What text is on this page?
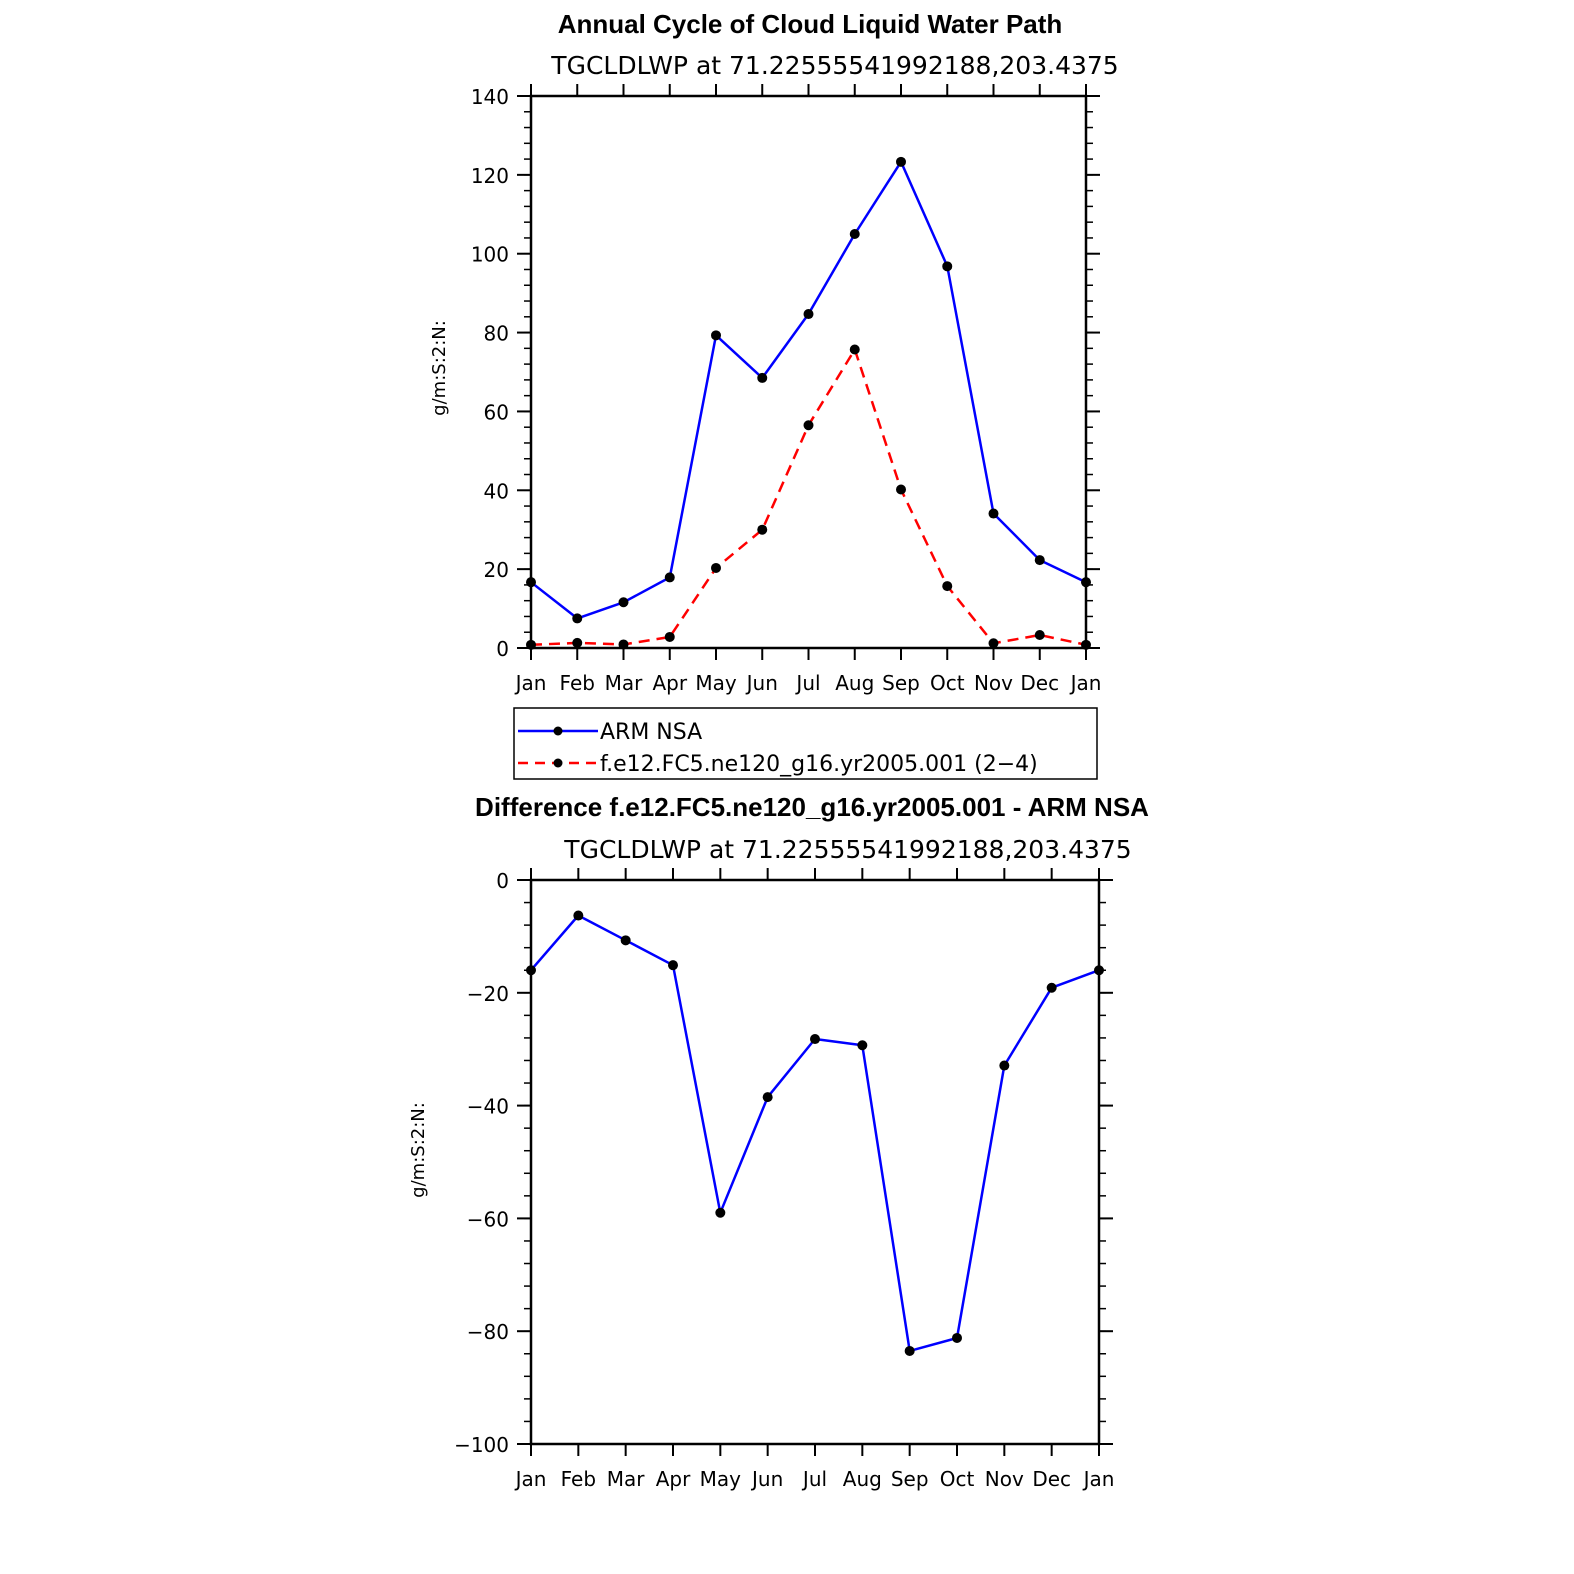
Annual Cycle of Cloud Liquid Water Path
TGCLDLWP at 71.22555541992188,203.4375
g/m:S:2:N:
Jan Feb Mar Apr May Jun Jul Aug Sep Oct Nov Dec Jan
0
20
40
60
80
100
120
140
ARM NSA
f.e12.FC5.ne120_g16.yr2005.001 (2−4)
Difference f.e12.FC5.ne120_g16.yr2005.001 - ARM NSA
TGCLDLWP at 71.22555541992188,203.4375
g/m:S:2:N:
Jan Feb Mar Apr May Jun Jul Aug Sep Oct Nov Dec Jan
−100
−80
−60
−40
−20
0
